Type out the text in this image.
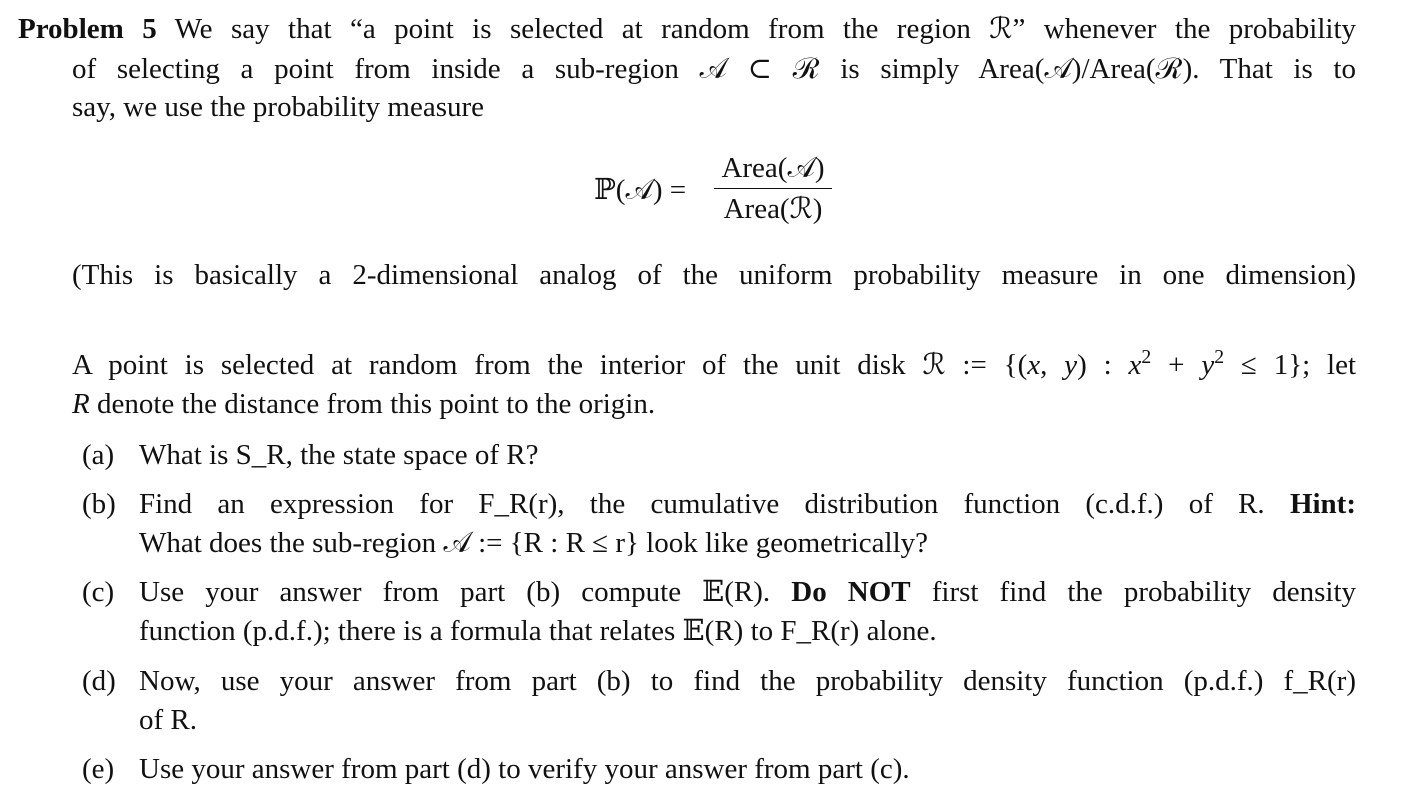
Problem 5 We say that “a point is selected at random from the region ℛ” whenever the probability
of selecting a point from inside a sub-region 𝒜 ⊂ ℛ is simply Area(𝒜)/Area(ℛ). That is to
say, we use the probability measure
ℙ(𝒜) =
Area(𝒜)
Area(ℛ)
(This is basically a 2-dimensional analog of the uniform probability measure in one dimension)
A point is selected at random from the interior of the unit disk ℛ := {(x, y) : $x^2 + y^2 \le 1$}; let
R denote the distance from this point to the origin.
(a) What is S_R, the state space of R?
(b) Find an expression for F_R(r), the cumulative distribution function (c.d.f.) of R. Hint:
What does the sub-region 𝒜 := {R : R ≤ r} look like geometrically?
(c) Use your answer from part (b) compute 𝔼(R). Do NOT first find the probability density
function (p.d.f.); there is a formula that relates 𝔼(R) to F_R(r) alone.
(d) Now, use your answer from part (b) to find the probability density function (p.d.f.) f_R(r)
of R.
(e) Use your answer from part (d) to verify your answer from part (c).
